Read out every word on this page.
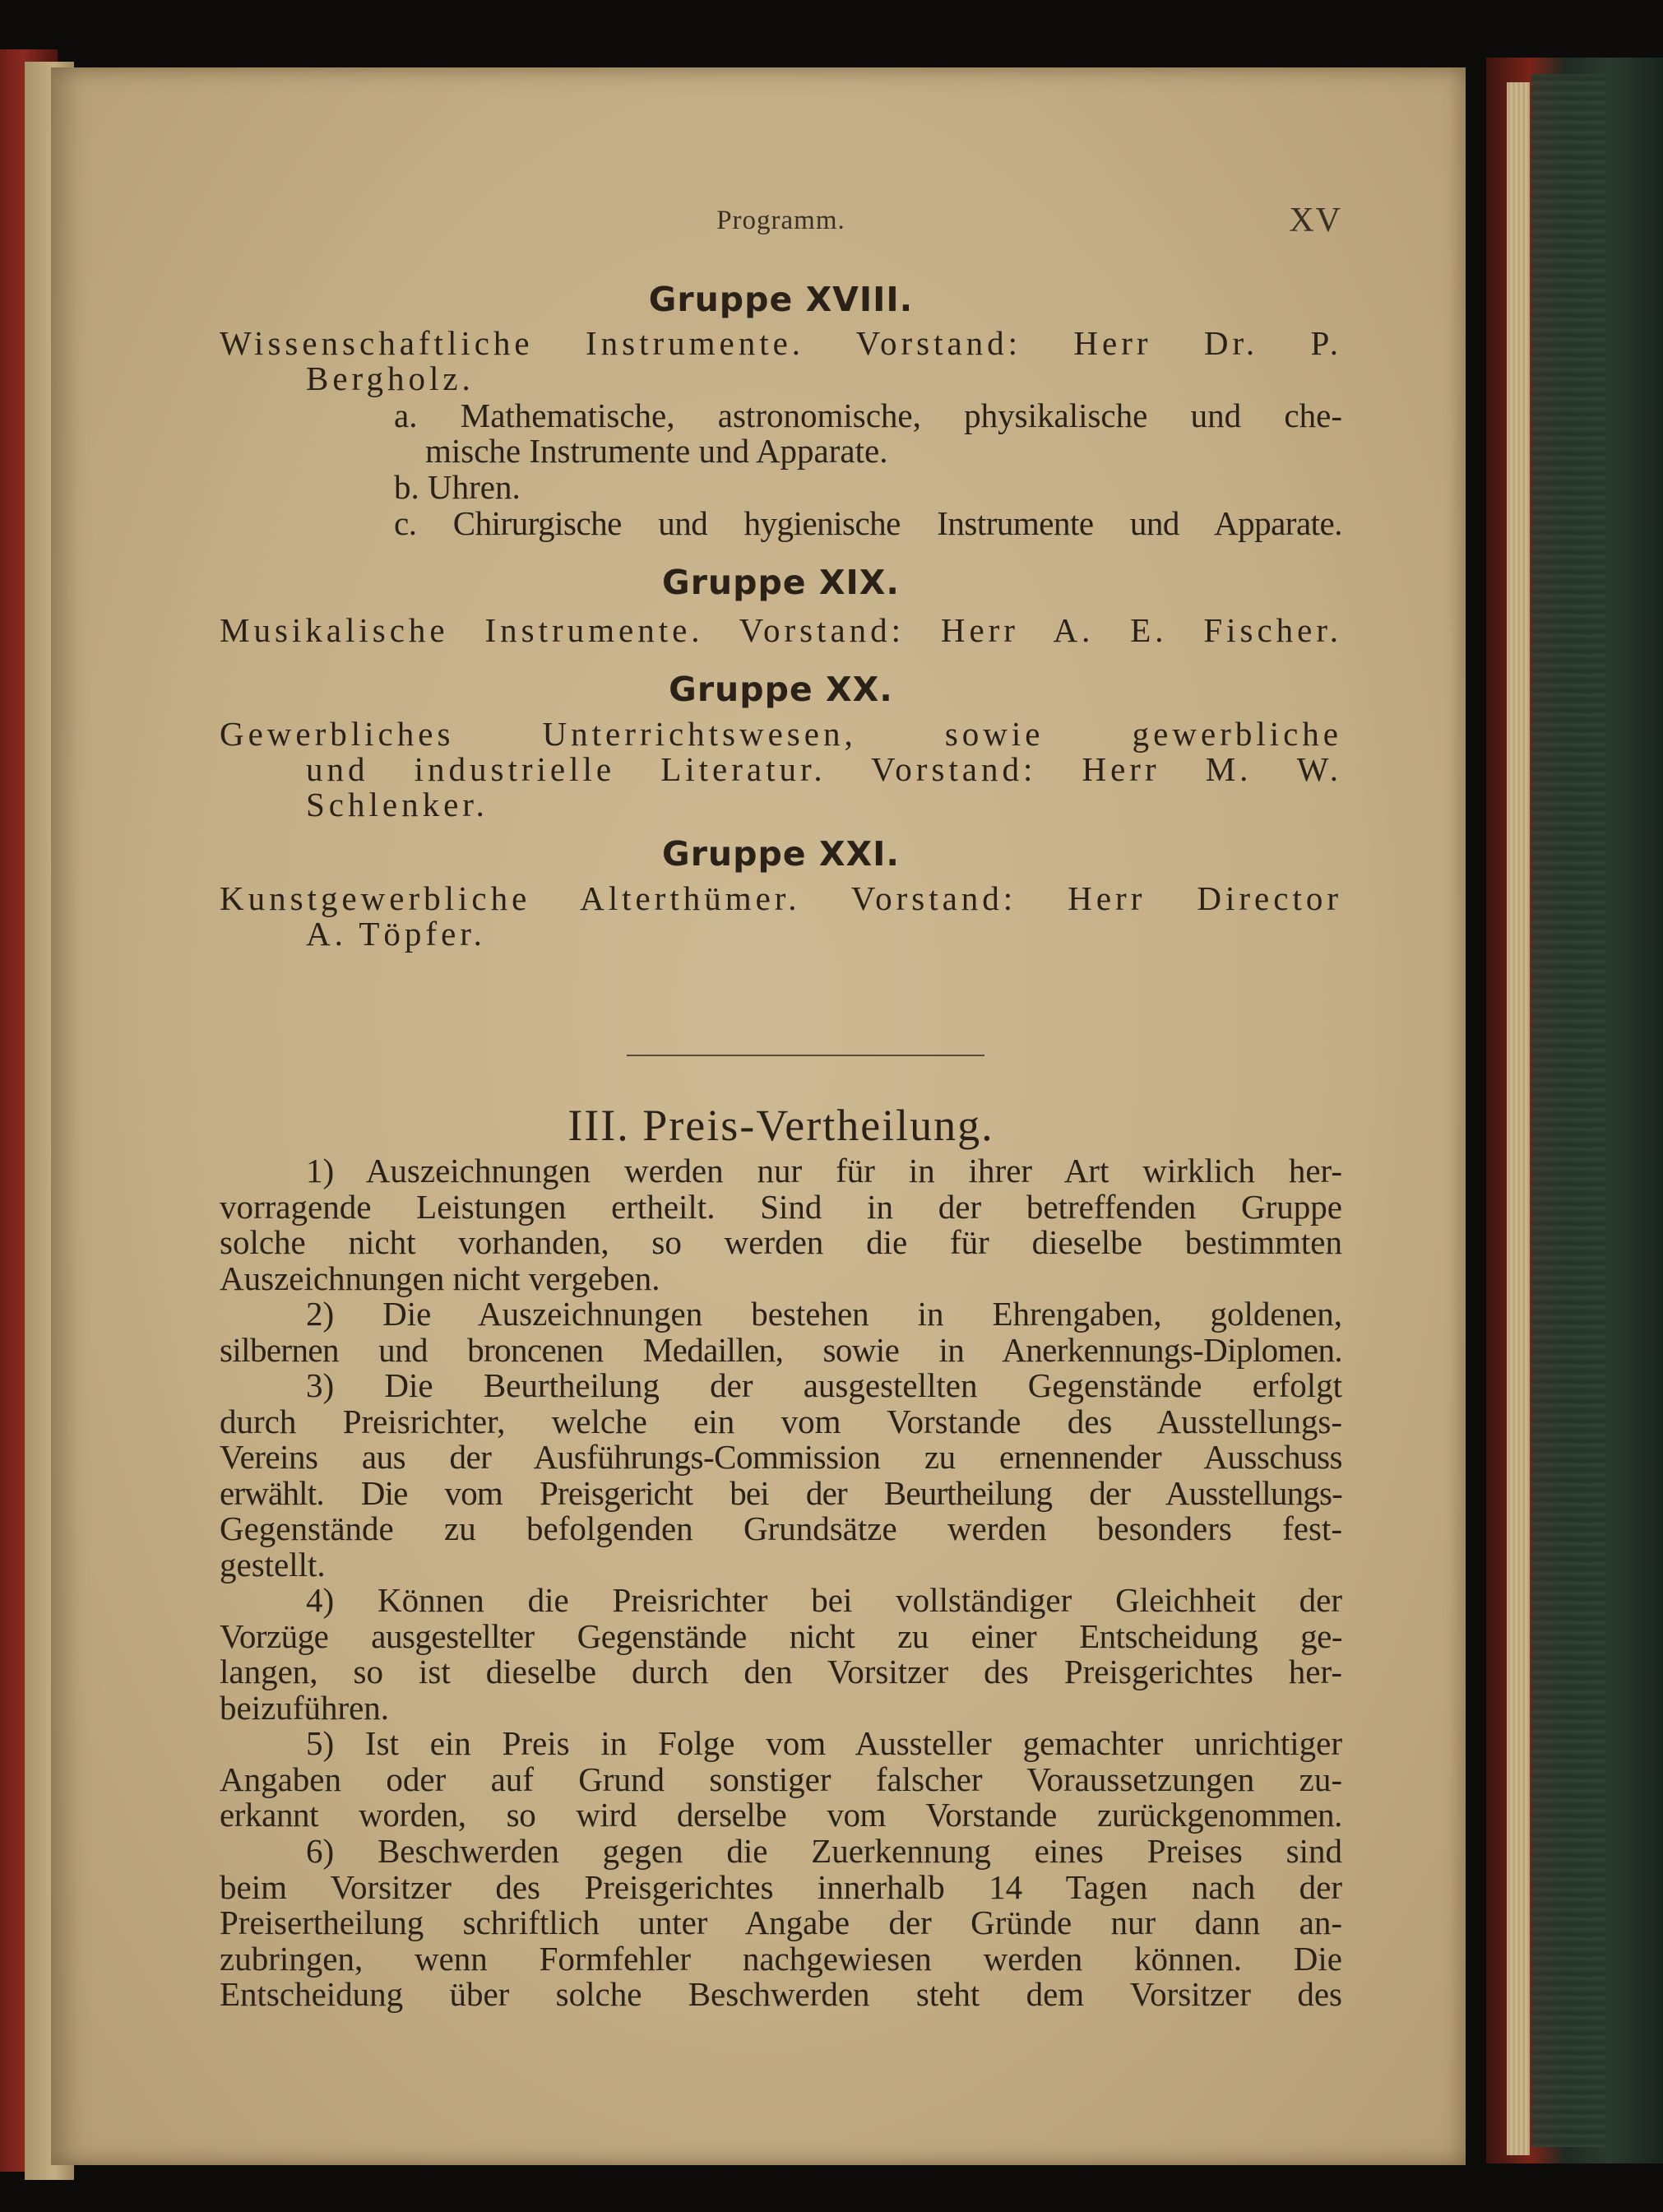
Programm.	XV
Gruppe XVIII.
Wissenschaftliche Instrumente. Vorstand: Herr Dr. P.
Bergholz.
a. Mathematische, astronomische, physikalische und che-
mische Instrumente und Apparate.
b. Uhren.
c. Chirurgische und hygienische Instrumente und Apparate.
Gruppe XIX.
Musikalische Instrumente. Vorstand: Herr A. E. Fischer.
Gruppe XX.
Gewerbliches Unterrichtswesen, sowie gewerbliche
und industrielle Literatur. Vorstand: Herr M. W.
Schlenker.
Gruppe XXI.
Kunstgewerbliche Alterthümer. Vorstand: Herr Director
A. Töpfer.
III. Preis-Vertheilung.
1) Auszeichnungen werden nur für in ihrer Art wirklich her-
vorragende Leistungen ertheilt. Sind in der betreffenden Gruppe
solche nicht vorhanden, so werden die für dieselbe bestimmten
Auszeichnungen nicht vergeben.
2) Die Auszeichnungen bestehen in Ehrengaben, goldenen,
silbernen und broncenen Medaillen, sowie in Anerkennungs-Diplomen.
3) Die Beurtheilung der ausgestellten Gegenstände erfolgt
durch Preisrichter, welche ein vom Vorstande des Ausstellungs-
Vereins aus der Ausführungs-Commission zu ernennender Ausschuss
erwählt. Die vom Preisgericht bei der Beurtheilung der Ausstellungs-
Gegenstände zu befolgenden Grundsätze werden besonders fest-
gestellt.
4) Können die Preisrichter bei vollständiger Gleichheit der
Vorzüge ausgestellter Gegenstände nicht zu einer Entscheidung ge-
langen, so ist dieselbe durch den Vorsitzer des Preisgerichtes her-
beizuführen.
5) Ist ein Preis in Folge vom Aussteller gemachter unrichtiger
Angaben oder auf Grund sonstiger falscher Voraussetzungen zu-
erkannt worden, so wird derselbe vom Vorstande zurückgenommen.
6) Beschwerden gegen die Zuerkennung eines Preises sind
beim Vorsitzer des Preisgerichtes innerhalb 14 Tagen nach der
Preisertheilung schriftlich unter Angabe der Gründe nur dann an-
zubringen, wenn Formfehler nachgewiesen werden können. Die
Entscheidung über solche Beschwerden steht dem Vorsitzer des
